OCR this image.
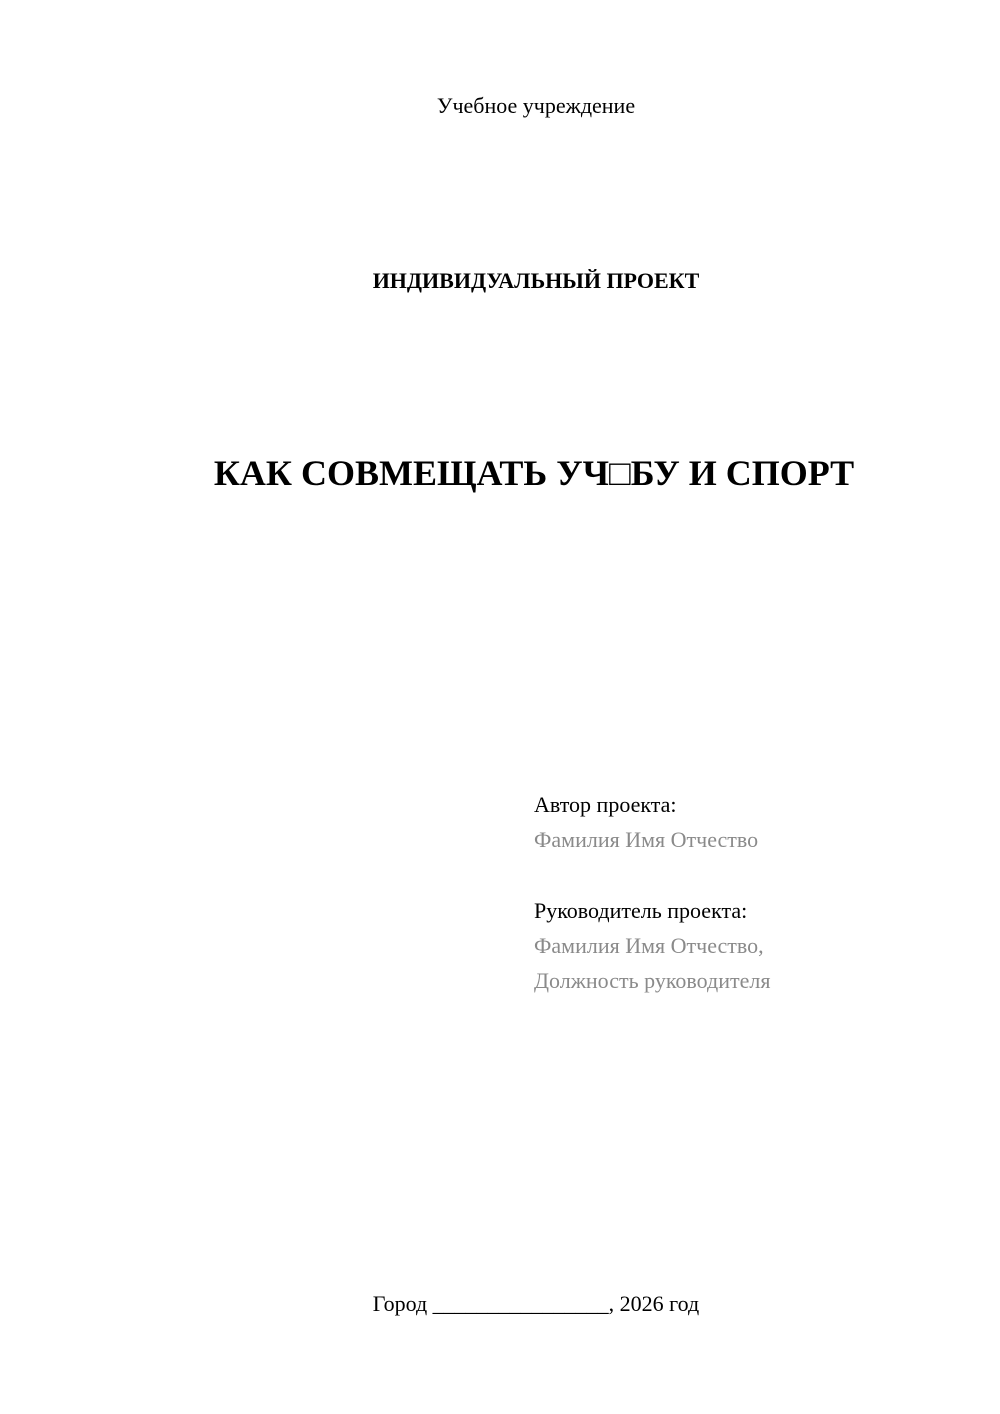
Учебное учреждение
ИНДИВИДУАЛЬНЫЙ ПРОЕКТ
КАК СОВМЕЩАТЬ УЧ□БУ И СПОРТ
Автор проекта:
Фамилия Имя Отчество
Руководитель проекта:
Фамилия Имя Отчество,
Должность руководителя
Город ________________, 2026 год
